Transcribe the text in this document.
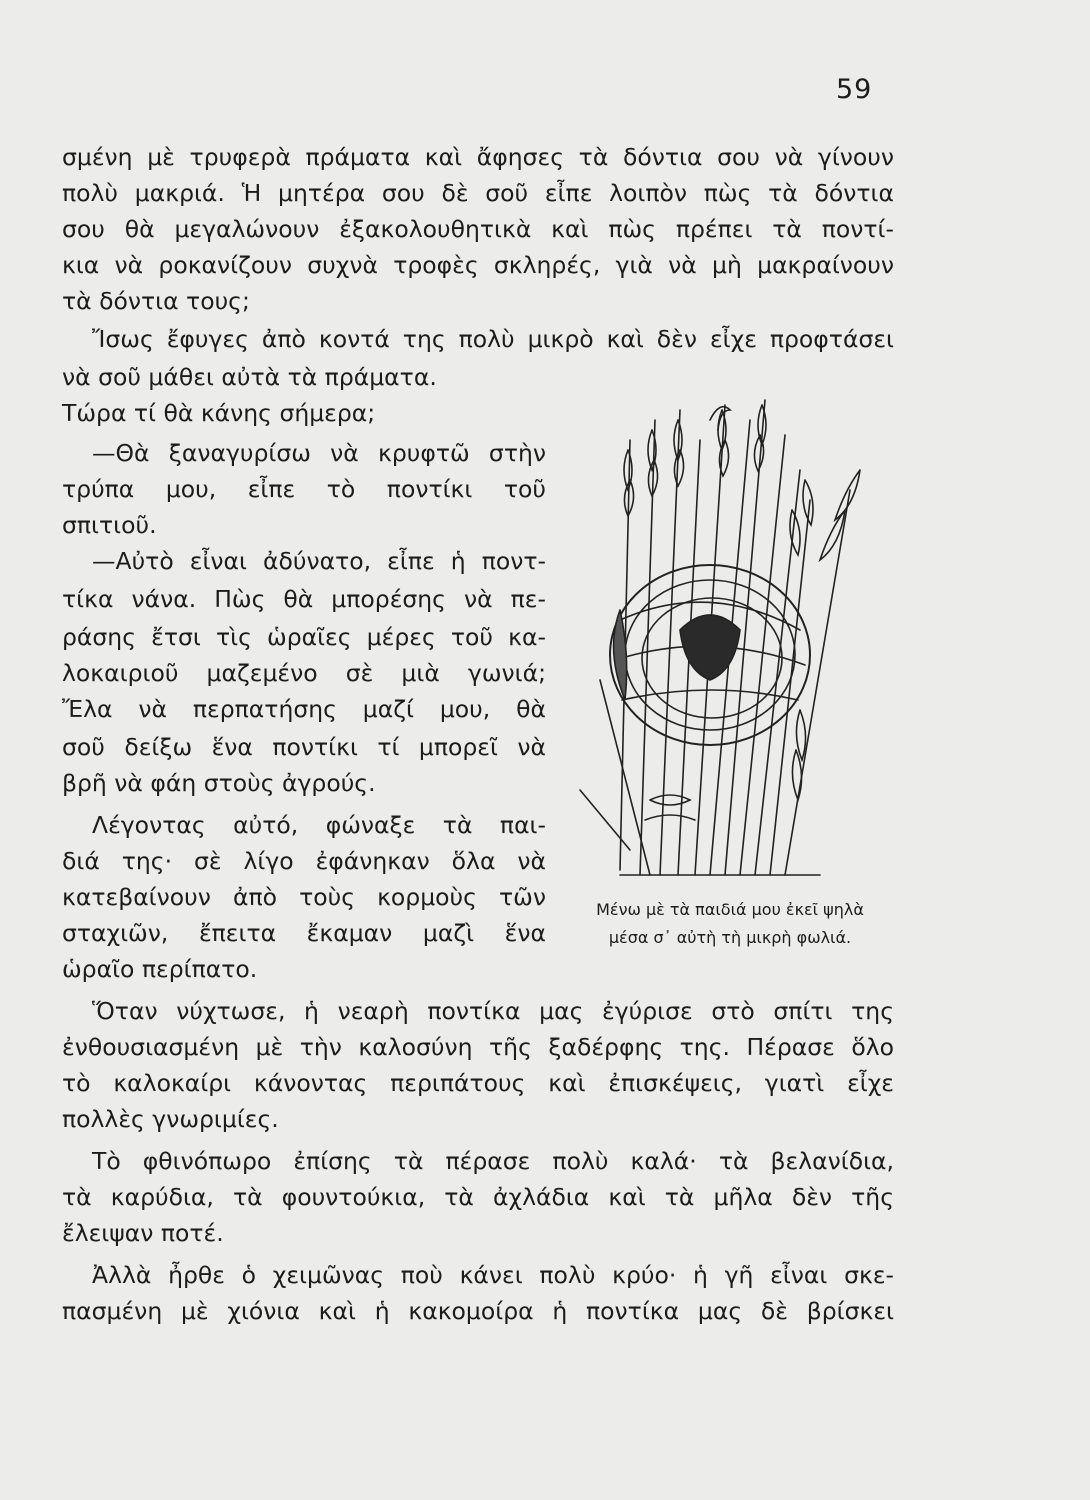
59
σμένη μὲ τρυφερὰ πράματα καὶ ἄφησες τὰ δόντια σου νὰ γίνουν
πολὺ μακριά. Ἡ μητέρα σου δὲ σοῦ εἶπε λοιπὸν πὼς τὰ δόντια
σου θὰ μεγαλώνουν ἐξακολουθητικὰ καὶ πὼς πρέπει τὰ ποντί-
κια νὰ ροκανίζουν συχνὰ τροφὲς σκληρές, γιὰ νὰ μὴ μακραίνουν
τὰ δόντια τους;
Ἴσως ἔφυγες ἀπὸ κοντά της πολὺ μικρὸ καὶ δὲν εἶχε προφτάσει
νὰ σοῦ μάθει αὐτὰ τὰ πράματα.
Τώρα τί θὰ κάνης σήμερα;
—Θὰ ξαναγυρίσω νὰ κρυφτῶ στὴν
τρύπα μου, εἶπε τὸ ποντίκι τοῦ
σπιτιοῦ.
—Αὐτὸ εἶναι ἀδύνατο, εἶπε ἡ ποντ-
τίκα νάνα. Πὼς θὰ μπορέσης νὰ πε-
ράσης ἔτσι τὶς ὡραῖες μέρες τοῦ κα-
λοκαιριοῦ μαζεμένο σὲ μιὰ γωνιά;
Ἔλα νὰ περπατήσης μαζί μου, θὰ
σοῦ δείξω ἕνα ποντίκι τί μπορεῖ νὰ
βρῆ νὰ φάη στοὺς ἀγρούς.
Λέγοντας αὐτό, φώναξε τὰ παι-
διά της· σὲ λίγο ἐφάνηκαν ὅλα νὰ
κατεβαίνουν ἀπὸ τοὺς κορμοὺς τῶν
σταχιῶν, ἔπειτα ἔκαμαν μαζὶ ἕνα
ὡραῖο περίπατο.
Ὅταν νύχτωσε, ἡ νεαρὴ ποντίκα μας ἐγύρισε στὸ σπίτι της
ἐνθουσιασμένη μὲ τὴν καλοσύνη τῆς ξαδέρφης της. Πέρασε ὅλο
τὸ καλοκαίρι κάνοντας περιπάτους καὶ ἐπισκέψεις, γιατὶ εἶχε
πολλὲς γνωριμίες.
Τὸ φθινόπωρο ἐπίσης τὰ πέρασε πολὺ καλά· τὰ βελανίδια,
τὰ καρύδια, τὰ φουντούκια, τὰ ἀχλάδια καὶ τὰ μῆλα δὲν τῆς
ἔλειψαν ποτέ.
Ἀλλὰ ἦρθε ὁ χειμῶνας ποὺ κάνει πολὺ κρύο· ἡ γῆ εἶναι σκε-
πασμένη μὲ χιόνια καὶ ἡ κακομοίρα ἡ ποντίκα μας δὲ βρίσκει
Μένω μὲ τὰ παιδιά μου ἐκεῖ ψηλὰ
μέσα σ᾽ αὐτὴ τὴ μικρὴ φωλιά.
